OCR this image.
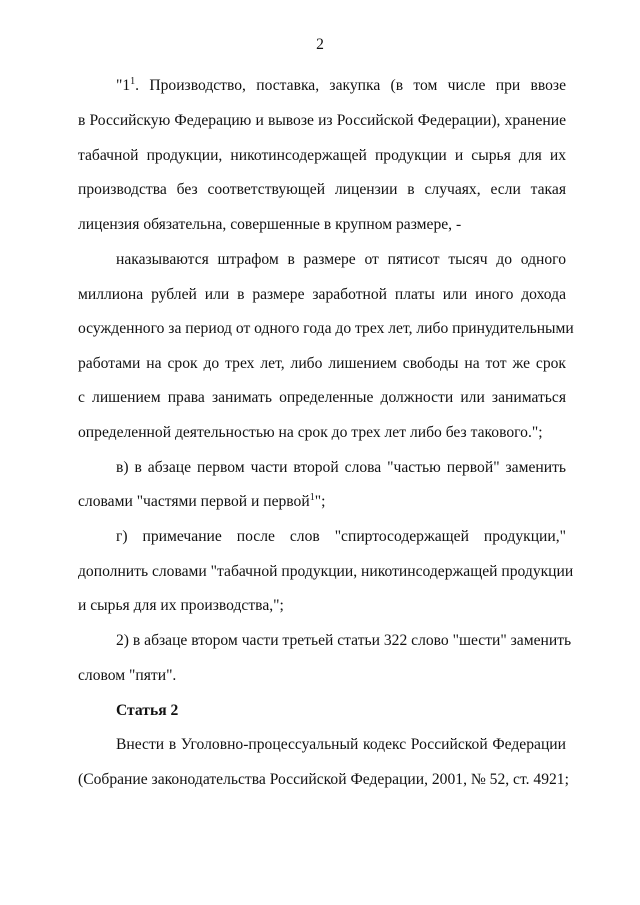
2
"$1^1$. Производство, поставка, закупка (в том числе при ввозе
в Российскую Федерацию и вывозе из Российской Федерации), хранение
табачной продукции, никотинсодержащей продукции и сырья для их
производства без соответствующей лицензии в случаях, если такая
лицензия обязательна, совершенные в крупном размере, -
наказываются штрафом в размере от пятисот тысяч до одного
миллиона рублей или в размере заработной платы или иного дохода
осужденного за период от одного года до трех лет, либо принудительными
работами на срок до трех лет, либо лишением свободы на тот же срок
с лишением права занимать определенные должности или заниматься
определенной деятельностью на срок до трех лет либо без такового.";
в) в абзаце первом части второй слова "частью первой" заменить
словами "частями первой и первой$^1$";
г) примечание после слов "спиртосодержащей продукции,"
дополнить словами "табачной продукции, никотинсодержащей продукции
и сырья для их производства,";
2) в абзаце втором части третьей статьи 322 слово "шести" заменить
словом "пяти".
Статья 2
Внести в Уголовно-процессуальный кодекс Российской Федерации
(Собрание законодательства Российской Федерации, 2001, № 52, ст. 4921;
